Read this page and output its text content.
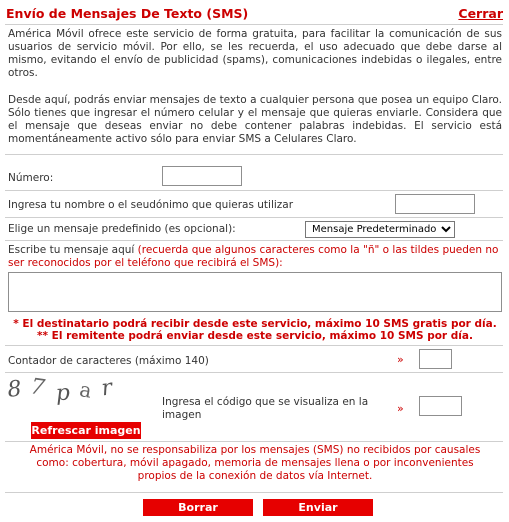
Envío de Mensajes De Texto (SMS)	Cerrar
América Móvil ofrece este servicio de forma gratuita, para facilitar la comunicación de sus usuarios de servicio móvil. Por ello, se les recuerda, el uso adecuado que debe darse al mismo, evitando el envío de publicidad (spams), comunicaciones indebidas o ilegales, entre otros.
Desde aquí, podrás enviar mensajes de texto a cualquier persona que posea un equipo Claro. Sólo tienes que ingresar el número celular y el mensaje que quieras enviarle. Considera que el mensaje que deseas enviar no debe contener palabras indebidas. El servicio está momentáneamente activo sólo para enviar SMS a Celulares Claro.
Número:
Ingresa tu nombre o el seudónimo que quieras utilizar
Elige un mensaje predefinido (es opcional):
Mensaje Predeterminado
Escribe tu mensaje aquí (recuerda que algunos caracteres como la "ñ" o las tildes pueden no ser reconocidos por el teléfono que recibirá el SMS):
* El destinatario podrá recibir desde este servicio, máximo 10 SMS gratis por día.
** El remitente podrá enviar desde este servicio, máximo 10 SMS por día.
Contador de caracteres (máximo 140)	»
8 7 p a r
Ingresa el código que se visualiza en la imagen	»
Refrescar imagen
América Móvil, no se responsabiliza por los mensajes (SMS) no recibidos por causales como: cobertura, móvil apagado, memoria de mensajes llena o por inconvenientes propios de la conexión de datos vía Internet.
Borrar	Enviar
